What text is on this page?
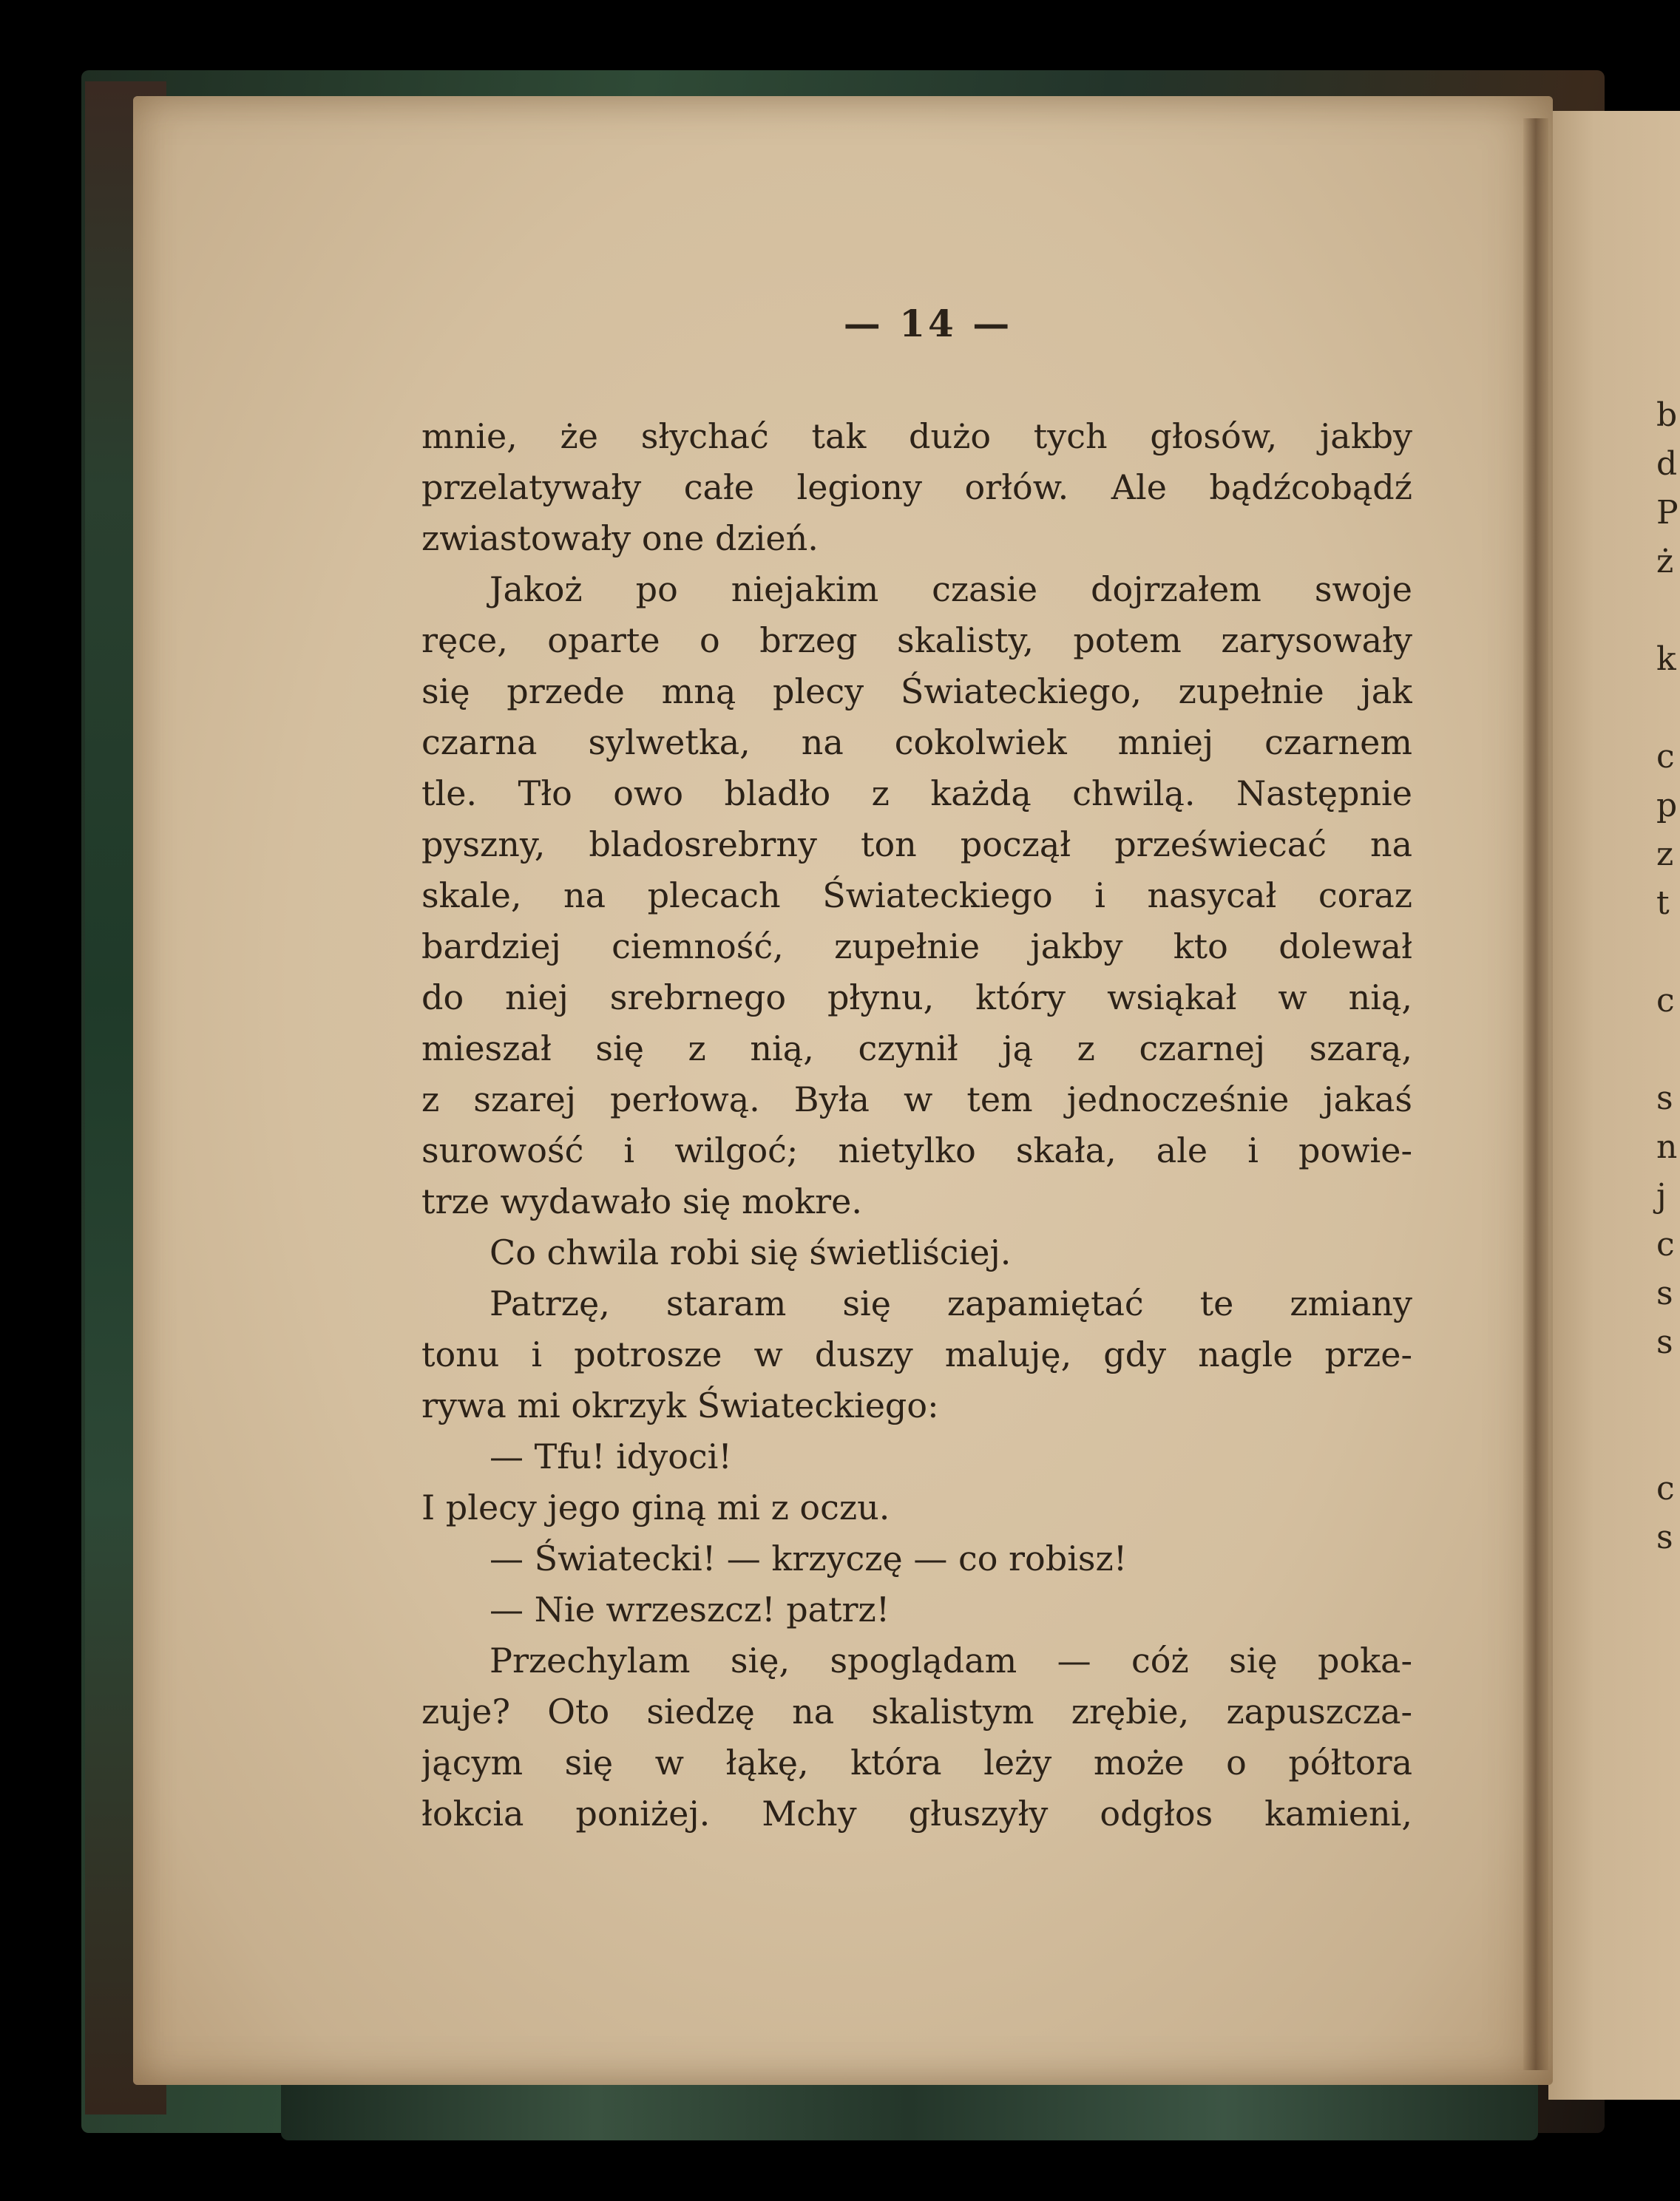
b
d
P
ż
k
c
p
z
t
c
s
n
j
c
s
s
c
s
— 14 —
mnie, że słychać tak dużo tych głosów, jakby
przelatywały całe legiony orłów. Ale bądźcobądź
zwiastowały one dzień.
Jakoż po niejakim czasie dojrzałem swoje
ręce, oparte o brzeg skalisty, potem zarysowały
się przede mną plecy Świateckiego, zupełnie jak
czarna sylwetka, na cokolwiek mniej czarnem
tle. Tło owo bladło z każdą chwilą. Następnie
pyszny, bladosrebrny ton począł przeświecać na
skale, na plecach Świateckiego i nasycał coraz
bardziej ciemność, zupełnie jakby kto dolewał
do niej srebrnego płynu, który wsiąkał w nią,
mieszał się z nią, czynił ją z czarnej szarą,
z szarej perłową. Była w tem jednocześnie jakaś
surowość i wilgoć; nietylko skała, ale i powie-
trze wydawało się mokre.
Co chwila robi się świetliściej.
Patrzę, staram się zapamiętać te zmiany
tonu i potrosze w duszy maluję, gdy nagle prze-
rywa mi okrzyk Świateckiego:
— Tfu! idyoci!
I plecy jego giną mi z oczu.
— Światecki! — krzyczę — co robisz!
— Nie wrzeszcz! patrz!
Przechylam się, spoglądam — cóż się poka-
zuje? Oto siedzę na skalistym zrębie, zapuszcza-
jącym się w łąkę, która leży może o półtora
łokcia poniżej. Mchy głuszyły odgłos kamieni,
